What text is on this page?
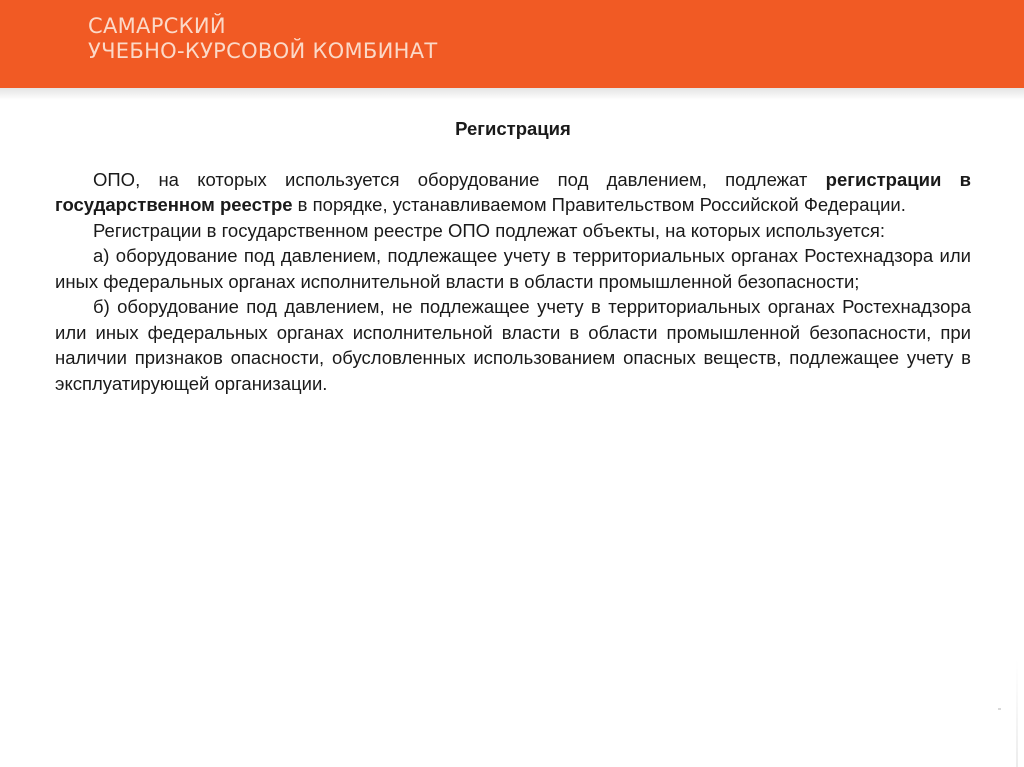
САМАРСКИЙ
УЧЕБНО-КУРСОВОЙ КОМБИНАТ

Регистрация

ОПО, на которых используется оборудование под давлением, подлежат регистрации в государственном реестре в порядке, устанавливаемом Правительством Российской Федерации.

Регистрации в государственном реестре ОПО подлежат объекты, на которых используется:

а) оборудование под давлением, подлежащее учету в территориальных органах Ростехнадзора или иных федеральных органах исполнительной власти в области промышленной безопасности;

б) оборудование под давлением, не подлежащее учету в территориальных органах Ростехнадзора или иных федеральных органах исполнительной власти в области промышленной безопасности, при наличии признаков опасности, обусловленных использованием опасных веществ, подлежащее учету в эксплуатирующей организации.
